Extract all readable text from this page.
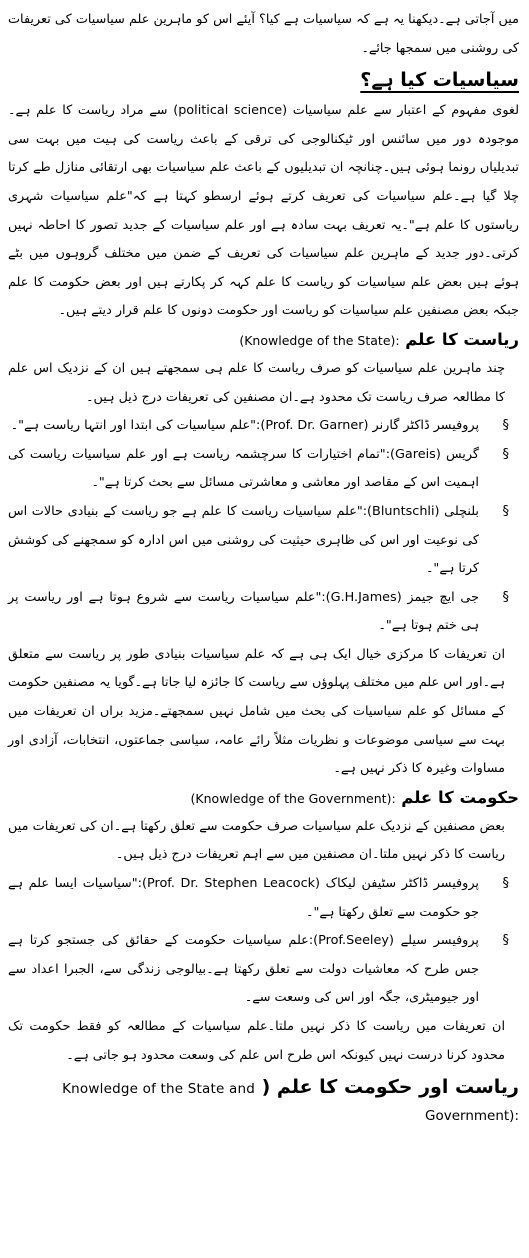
میں آجاتی ہے۔دیکھنا یہ ہے کہ سیاسیات ہے کیا؟ آیئے اس کو ماہرین علم سیاسیات کی تعریفات کی روشنی میں سمجھا جائے۔

سیاسیات کیا ہے؟

لغوی مفہوم کے اعتبار سے علم سیاسیات (political science) سے مراد ریاست کا علم ہے۔موجودہ دور میں سائنس اور ٹیکنالوجی کی ترقی کے باعث ریاست کی ہیت میں بہت سی تبدیلیاں رونما ہوئی ہیں۔چنانچہ ان تبدیلیوں کے باعث علم سیاسیات بھی ارتقائی منازل طے کرتا چلا گیا ہے۔علم سیاسیات کی تعریف کرتے ہوئے ارسطو کہتا ہے کہ"علم سیاسیات شہری ریاستوں کا علم ہے"۔یہ تعریف بہت سادہ ہے اور علم سیاسیات کے جدید تصور کا احاطہ نہیں کرتی۔دور جدید کے ماہرین علم سیاسیات کی تعریف کے ضمن میں مختلف گروہوں میں بٹے ہوئے ہیں بعض علم سیاسیات کو ریاست کا علم کہہ کر پکارتے ہیں اور بعض حکومت کا علم جبکہ بعض مصنفین علم سیاسیات کو ریاست اور حکومت دونوں کا علم قرار دیتے ہیں۔

ریاست کا علم (Knowledge of the State):

چند ماہرین علم سیاسیات کو صرف ریاست کا علم ہی سمجھتے ہیں ان کے نزدیک اس علم کا مطالعہ صرف ریاست تک محدود ہے۔ان مصنفین کی تعریفات درج ذیل ہیں۔

§
پروفیسر ڈاکٹر گارنر (Prof. Dr. Garner):"علم سیاسیات کی ابتدا اور انتہا ریاست ہے"۔
§
گریس (Gareis):"تمام اختیارات کا سرچشمہ ریاست ہے اور علم سیاسیات ریاست کی اہمیت اس کے مقاصد اور معاشی و معاشرتی مسائل سے بحث کرتا ہے"۔
§
بلنچلی (Bluntschli):"علم سیاسیات ریاست کا علم ہے جو ریاست کے بنیادی حالات اس کی نوعیت اور اس کی ظاہری حیثیت کی روشنی میں اس ادارہ کو سمجھنے کی کوشش کرتا ہے"۔
§
جی ایچ جیمز (G.H.James):"علم سیاسیات ریاست سے شروع ہوتا ہے اور ریاست پر ہی ختم ہوتا ہے"۔

ان تعریفات کا مرکزی خیال ایک ہی ہے کہ علم سیاسیات بنیادی طور پر ریاست سے متعلق ہے۔اور اس علم میں مختلف پہلوؤں سے ریاست کا جائزہ لیا جاتا ہے۔گویا یہ مصنفین حکومت کے مسائل کو علم سیاسیات کی بحث میں شامل نہیں سمجھتے۔مزید براں ان تعریفات میں بہت سے سیاسی موضوعات و نظریات مثلاً رائے عامہ، سیاسی جماعتوں، انتخابات، آزادی اور مساوات وغیرہ کا ذکر نہیں ہے۔

حکومت کا علم (Knowledge of the Government):

بعض مصنفین کے نزدیک علم سیاسیات صرف حکومت سے تعلق رکھتا ہے۔ان کی تعریفات میں ریاست کا ذکر نہیں ملتا۔ان مصنفین میں سے اہم تعریفات درج ذیل ہیں۔

§
پروفیسر ڈاکٹر سٹیفن لیکاک (Prof. Dr. Stephen Leacock):"سیاسیات ایسا علم ہے جو حکومت سے تعلق رکھتا ہے"۔
§
پروفیسر سیلے (Prof.Seeley):علم سیاسیات حکومت کے حقائق کی جستجو کرتا ہے جس طرح کہ معاشیات دولت سے تعلق رکھتا ہے۔بیالوجی زندگی سے، الجبرا اعداد سے اور جیومیٹری، جگہ اور اس کی وسعت سے۔

ان تعریفات میں ریاست کا ذکر نہیں ملتا۔علم سیاسیات کے مطالعہ کو فقط حکومت تک محدود کرنا درست نہیں کیونکہ اس طرح اس علم کی وسعت محدود ہو جاتی ہے۔

ریاست اور حکومت کا علم ( Knowledge of the State and
Government):
